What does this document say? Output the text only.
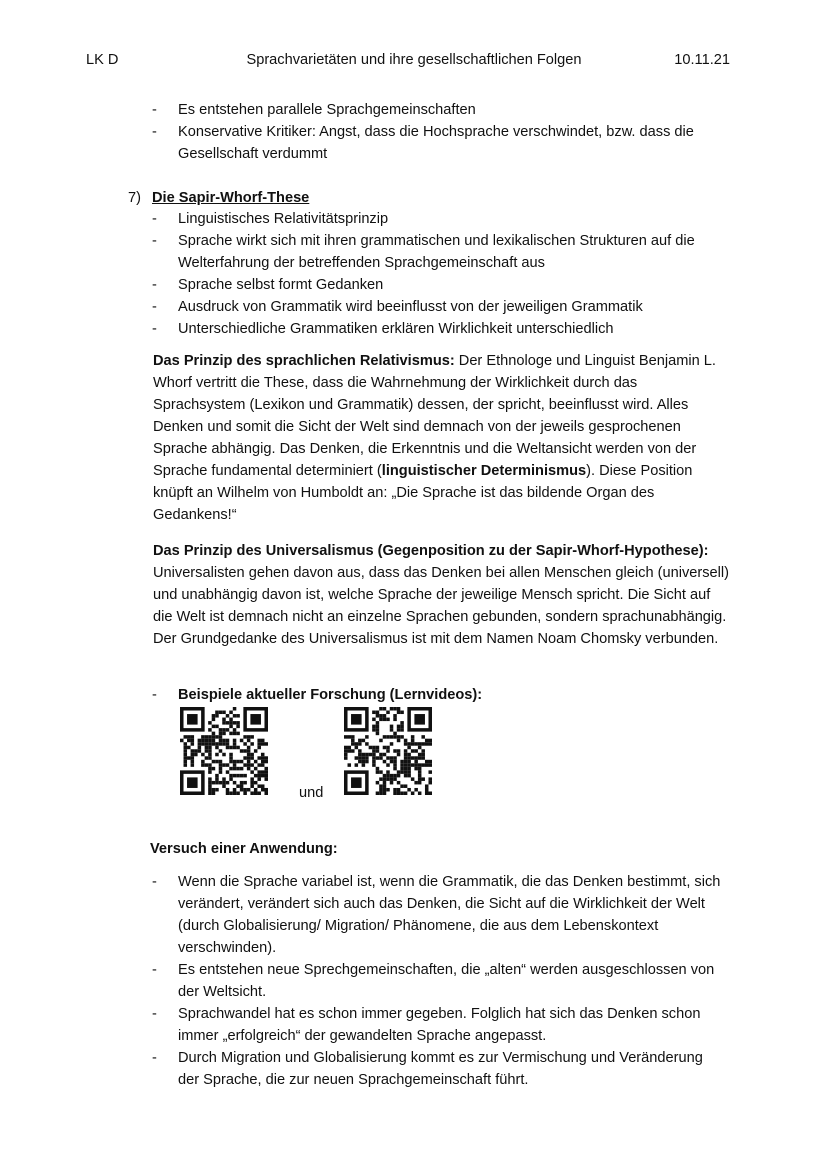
LK D	Sprachvarietäten und ihre gesellschaftlichen Folgen	10.11.21
- Es entstehen parallele Sprachgemeinschaften
- Konservative Kritiker: Angst, dass die Hochsprache verschwindet, bzw. dass die Gesellschaft verdummt
7) Die Sapir-Whorf-These
- Linguistisches Relativitätsprinzip
- Sprache wirkt sich mit ihren grammatischen und lexikalischen Strukturen auf die Welterfahrung der betreffenden Sprachgemeinschaft aus
- Sprache selbst formt Gedanken
- Ausdruck von Grammatik wird beeinflusst von der jeweiligen Grammatik
- Unterschiedliche Grammatiken erklären Wirklichkeit unterschiedlich
Das Prinzip des sprachlichen Relativismus: Der Ethnologe und Linguist Benjamin L. Whorf vertritt die These, dass die Wahrnehmung der Wirklichkeit durch das Sprachsystem (Lexikon und Grammatik) dessen, der spricht, beeinflusst wird. Alles Denken und somit die Sicht der Welt sind demnach von der jeweils gesprochenen Sprache abhängig. Das Denken, die Erkenntnis und die Weltansicht werden von der Sprache fundamental determiniert (linguistischer Determinismus). Diese Position knüpft an Wilhelm von Humboldt an: „Die Sprache ist das bildende Organ des Gedankens!“
Das Prinzip des Universalismus (Gegenposition zu der Sapir-Whorf-Hypothese):
Universalisten gehen davon aus, dass das Denken bei allen Menschen gleich (universell) und unabhängig davon ist, welche Sprache der jeweilige Mensch spricht. Die Sicht auf die Welt ist demnach nicht an einzelne Sprachen gebunden, sondern sprachunabhängig. Der Grundgedanke des Universalismus ist mit dem Namen Noam Chomsky verbunden.
- Beispiele aktueller Forschung (Lernvideos):
und
Versuch einer Anwendung:
- Wenn die Sprache variabel ist, wenn die Grammatik, die das Denken bestimmt, sich verändert, verändert sich auch das Denken, die Sicht auf die Wirklichkeit der Welt (durch Globalisierung/ Migration/ Phänomene, die aus dem Lebenskontext verschwinden).
- Es entstehen neue Sprechgemeinschaften, die „alten“ werden ausgeschlossen von der Weltsicht.
- Sprachwandel hat es schon immer gegeben. Folglich hat sich das Denken schon immer „erfolgreich“ der gewandelten Sprache angepasst.
- Durch Migration und Globalisierung kommt es zur Vermischung und Veränderung der Sprache, die zur neuen Sprachgemeinschaft führt.
